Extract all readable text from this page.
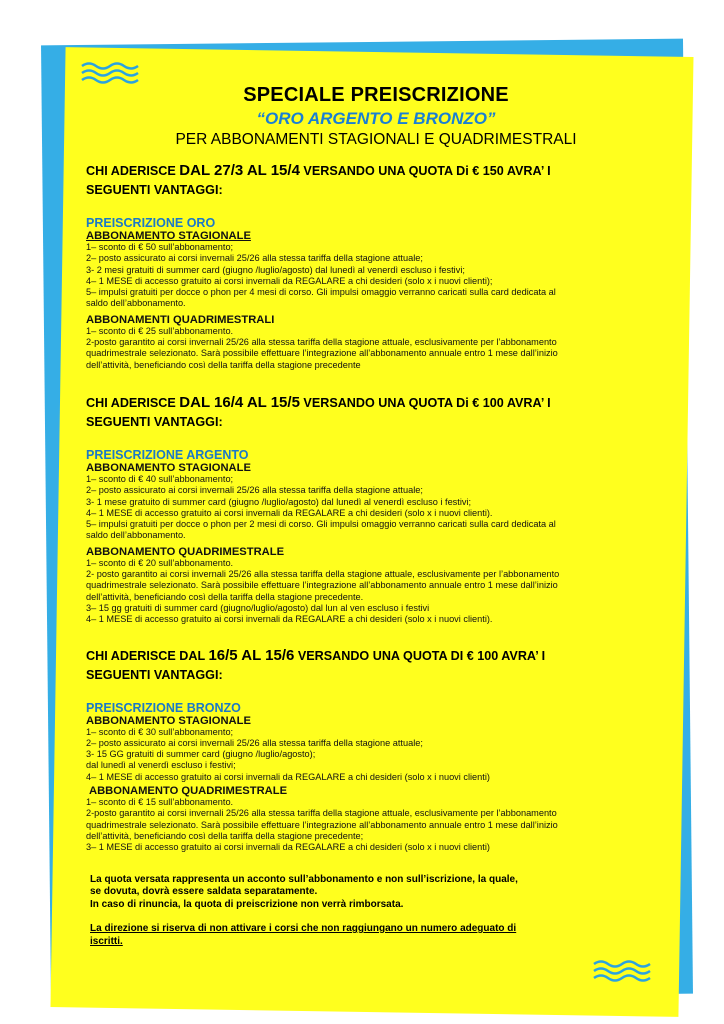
SPECIALE PREISCRIZIONE

“ORO ARGENTO E BRONZO”

PER ABBONAMENTI STAGIONALI E QUADRIMESTRALI

CHI ADERISCE DAL 27/3 AL 15/4 VERSANDO UNA QUOTA Di € 150 AVRA’ I

SEGUENTI VANTAGGI:

PREISCRIZIONE ORO

ABBONAMENTO STAGIONALE

1– sconto di € 50 sull’abbonamento;

2– posto assicurato ai corsi invernali 25/26 alla stessa tariffa della stagione attuale;

3- 2 mesi gratuiti di summer card (giugno /luglio/agosto) dal lunedì al venerdì escluso i festivi;

4– 1 MESE di accesso gratuito ai corsi invernali da REGALARE a chi desideri (solo x i nuovi clienti);

5– impulsi gratuiti per docce o phon per 4 mesi di corso. Gli impulsi omaggio verranno caricati sulla card dedicata al

saldo dell’abbonamento.

ABBONAMENTI QUADRIMESTRALI

1– sconto di € 25 sull’abbonamento.

2-posto garantito ai corsi invernali 25/26 alla stessa tariffa della stagione attuale, esclusivamente per l’abbonamento

quadrimestrale selezionato. Sarà possibile effettuare l’integrazione all’abbonamento annuale entro 1 mese dall’inizio

dell’attività, beneficiando così della tariffa della stagione precedente

CHI ADERISCE DAL 16/4 AL 15/5 VERSANDO UNA QUOTA Di € 100 AVRA’ I

SEGUENTI VANTAGGI:

PREISCRIZIONE ARGENTO

ABBONAMENTO STAGIONALE

1– sconto di € 40 sull’abbonamento;

2– posto assicurato ai corsi invernali 25/26 alla stessa tariffa della stagione attuale;

3- 1 mese gratuito di summer card (giugno /luglio/agosto) dal lunedì al venerdì escluso i festivi;

4– 1 MESE di accesso gratuito ai corsi invernali da REGALARE a chi desideri (solo x i nuovi clienti).

5– impulsi gratuiti per docce o phon per 2 mesi di corso. Gli impulsi omaggio verranno caricati sulla card dedicata al

saldo dell’abbonamento.

ABBONAMENTO QUADRIMESTRALE

1– sconto di € 20 sull’abbonamento.

2- posto garantito ai corsi invernali 25/26 alla stessa tariffa della stagione attuale, esclusivamente per l’abbonamento

quadrimestrale selezionato. Sarà possibile effettuare l’integrazione all’abbonamento annuale entro 1 mese dall’inizio

dell’attività, beneficiando così della tariffa della stagione precedente.

3– 15 gg gratuiti di summer card (giugno/luglio/agosto) dal lun al ven escluso i festivi

4– 1 MESE di accesso gratuito ai corsi invernali da REGALARE a chi desideri (solo x i nuovi clienti).

CHI ADERISCE DAL 16/5 AL 15/6 VERSANDO UNA QUOTA DI € 100 AVRA’ I

SEGUENTI VANTAGGI:

PREISCRIZIONE BRONZO

ABBONAMENTO STAGIONALE

1– sconto di € 30 sull’abbonamento;

2– posto assicurato ai corsi invernali 25/26 alla stessa tariffa della stagione attuale;

3- 15 GG gratuiti di summer card (giugno /luglio/agosto);

dal lunedì al venerdì escluso i festivi;

4– 1 MESE di accesso gratuito ai corsi invernali da REGALARE a chi desideri (solo x i nuovi clienti)

ABBONAMENTO QUADRIMESTRALE

1– sconto di € 15 sull’abbonamento.

2-posto garantito ai corsi invernali 25/26 alla stessa tariffa della stagione attuale, esclusivamente per l’abbonamento

quadrimestrale selezionato. Sarà possibile effettuare l’integrazione all’abbonamento annuale entro 1 mese dall’inizio

dell’attività, beneficiando così della tariffa della stagione precedente;

3– 1 MESE di accesso gratuito ai corsi invernali da REGALARE a chi desideri (solo x i nuovi clienti)

La quota versata rappresenta un acconto sull’abbonamento e non sull’iscrizione, la quale,

se dovuta, dovrà essere saldata separatamente.

In caso di rinuncia, la quota di preiscrizione non verrà rimborsata.

La direzione si riserva di non attivare i corsi che non raggiungano un numero adeguato di

iscritti.
